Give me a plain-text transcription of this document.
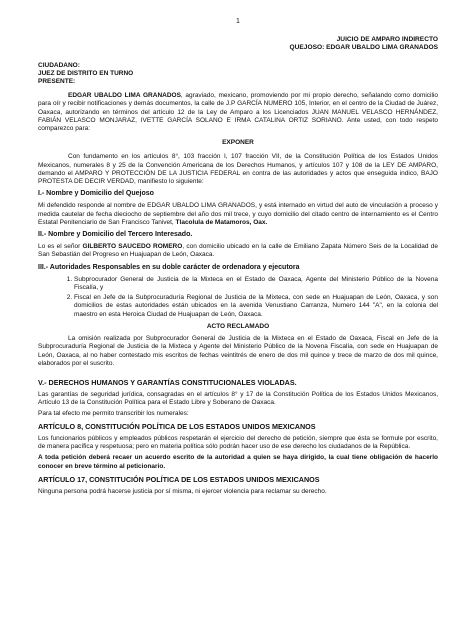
1
JUICIO DE AMPARO INDIRECTO
QUEJOSO: EDGAR UBALDO LIMA GRANADOS
CIUDADANO:
JUEZ DE DISTRITO EN TURNO
PRESENTE:
EDGAR UBALDO LIMA GRANADOS, agraviado, mexicano, promoviendo por mi propio derecho, señalando como domicilio para oír y recibir notificaciones y demás documentos, la calle de J.P GARCÍA NUMERO 105, Interior, en el centro de la Ciudad de Juárez, Oaxaca, autorizando en términos del artículo 12 de la Ley de Amparo a los Licenciados JUAN MANUEL VELASCO HERNÁNDEZ, FABIÁN VELASCO MONJARAZ, IVETTE GARCÍA SOLANO E IRMA CATALINA ORTIZ SORIANO. Ante usted, con todo respeto comparezco para:
EXPONER
Con fundamento en los artículos 8°, 103 fracción I, 107 fracción VII, de la Constitución Política de los Estados Unidos Mexicanos, numerales 8 y 25 de la Convención Americana de los Derechos Humanos, y artículos 107 y 108 de la LEY DE AMPARO, demando el AMPARO Y PROTECCIÓN DE LA JUSTICIA FEDERAL en contra de las autoridades y actos que enseguida indico, BAJO PROTESTA DE DECIR VERDAD, manifiesto lo siguiente:
I.- Nombre y Domicilio del Quejoso
Mi defendido responde al nombre de EDGAR UBALDO LIMA GRANADOS, y está internado en virtud del auto de vinculación a proceso y medida cautelar de fecha dieciocho de septiembre del año dos mil trece, y cuyo domicilio del citado centro de internamiento es el Centro Estatal Penitenciario de San Francisco Tanivet, Tlacolula de Matamoros, Oax.
II.- Nombre y Domicilio del Tercero Interesado.
Lo es el señor GILBERTO SAUCEDO ROMERO, con domicilio ubicado en la calle de Emiliano Zapata Número Seis de la Localidad de San Sebastián del Progreso en Huajuapan de León, Oaxaca.
III.- Autoridades Responsables en su doble carácter de ordenadora y ejecutora
1. Subprocurador General de Justicia de la Mixteca en el Estado de Oaxaca, Agente del Ministerio Público de la Novena Fiscalía, y
2. Fiscal en Jefe de la Subprocuraduría Regional de Justicia de la Mixteca, con sede en Huajuapan de León, Oaxaca, y son domicilios de estas autoridades están ubicados en la avenida Venustiano Carranza, Numero 144 "A", en la colonia del maestro en esta Heroica Ciudad de Huajuapan de León, Oaxaca.
ACTO RECLAMADO
La omisión realizada por Subprocurador General de Justicia de la Mixteca en el Estado de Oaxaca, Fiscal en Jefe de la Subprocuraduría Regional de Justicia de la Mixteca y Agente del Ministerio Público de la Novena Fiscalía, con sede en Huajuapan de León, Oaxaca, al no haber contestado mis escritos de fechas veintitrés de enero de dos mil quince y trece de marzo de dos mil quince, elaborados por el suscrito.
V.- DERECHOS HUMANOS Y GARANTÍAS CONSTITUCIONALES VIOLADAS.
Las garantías de seguridad jurídica, consagradas en el artículos 8° y 17 de la Constitución Política de los Estados Unidos Mexicanos, Artículo 13 de la Constitución Política para el Estado Libre y Soberano de Oaxaca.
Para tal efecto me permito transcribir los numerales:
ARTÍCULO 8, CONSTITUCIÓN POLÍTICA DE LOS ESTADOS UNIDOS MEXICANOS
Los funcionarios públicos y empleados públicos respetarán el ejercicio del derecho de petición, siempre que ésta se formule por escrito, de manera pacífica y respetuosa; pero en materia política sólo podrán hacer uso de ese derecho los ciudadanos de la República.
A toda petición deberá recaer un acuerdo escrito de la autoridad a quien se haya dirigido, la cual tiene obligación de hacerlo conocer en breve término al peticionario.
ARTÍCULO 17, CONSTITUCIÓN POLÍTICA DE LOS ESTADOS UNIDOS MEXICANOS
Ninguna persona podrá hacerse justicia por sí misma, ni ejercer violencia para reclamar su derecho.
